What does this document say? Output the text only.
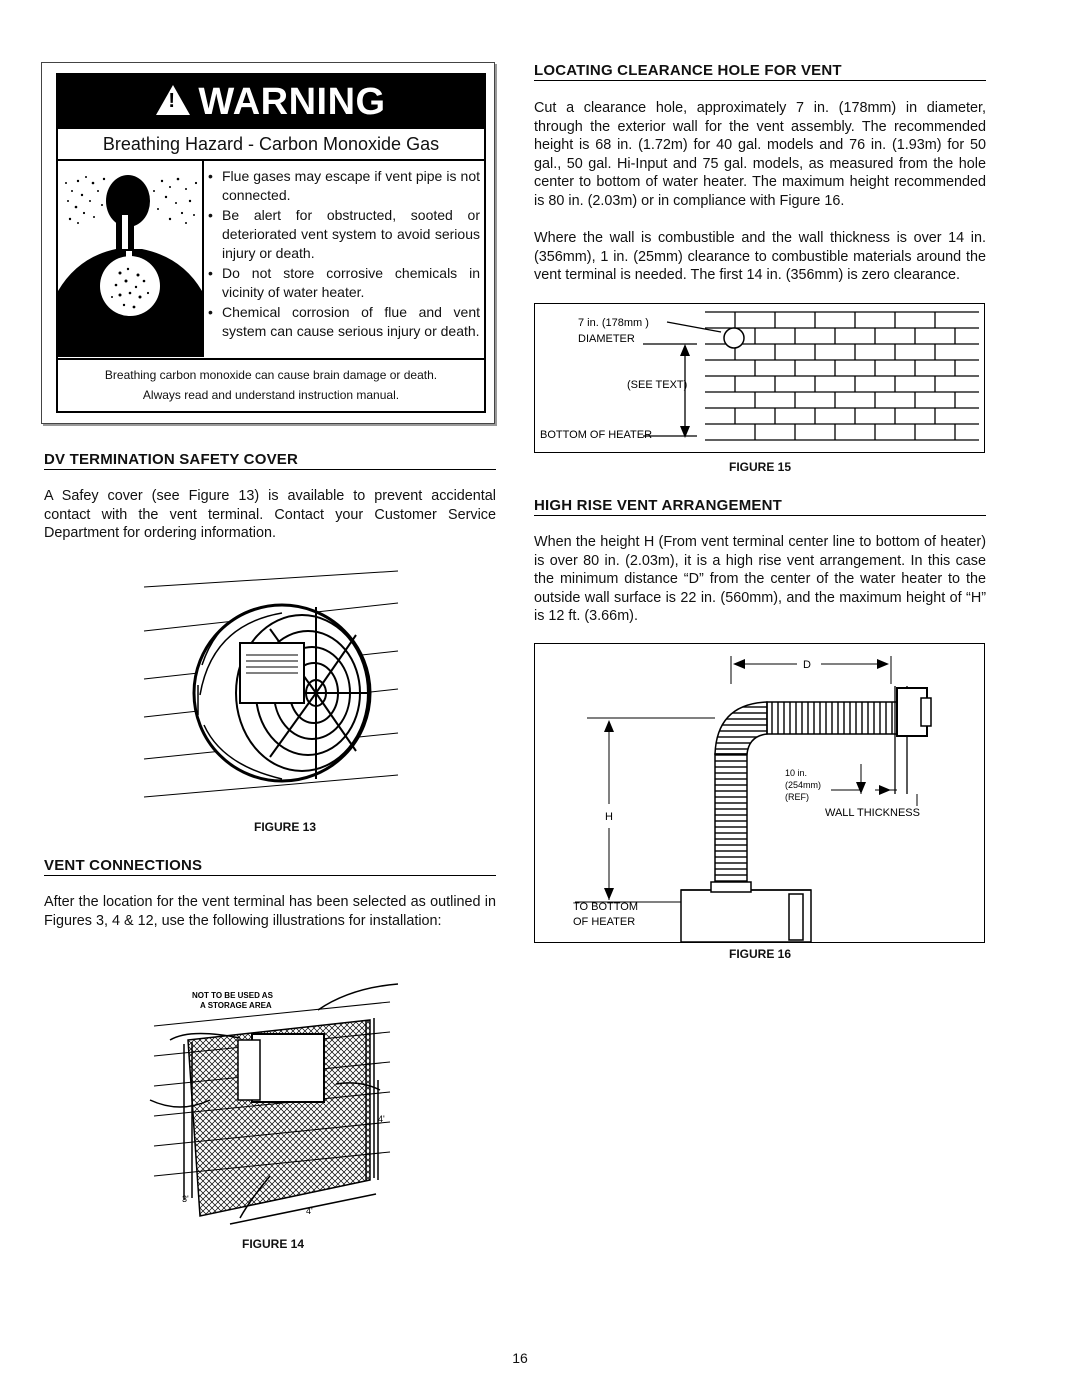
! WARNING
Breathing Hazard - Carbon Monoxide Gas
• Flue gases may escape if vent pipe is not connected.
• Be alert for obstructed, sooted or deteriorated vent system to avoid serious injury or death.
• Do not store corrosive chemicals in vicinity of water heater.
• Chemical corrosion of flue and vent system can cause serious injury or death.
Breathing carbon monoxide can cause brain damage or death.
Always read and understand instruction manual.
DV TERMINATION SAFETY COVER
A Safey cover (see Figure 13) is available to prevent accidental contact with the vent terminal. Contact your Customer Service Department for ordering information.
FIGURE 13
VENT CONNECTIONS
After the location for the vent terminal has been selected as outlined in Figures 3, 4 & 12, use the following illustrations for installation:
NOT TO BE USED AS
A STORAGE AREA
4'
3'
4'
FIGURE 14
LOCATING CLEARANCE HOLE FOR VENT
Cut a clearance hole, approximately 7 in. (178mm) in diameter, through the exterior wall for the vent assembly. The recommended height is 68 in. (1.72m) for 40 gal. models and 76 in. (1.93m) for 50 gal., 50 gal. Hi-Input and 75 gal. models, as measured from the hole center to bottom of water heater. The maximum height recommended is 80 in. (2.03m) or in compliance with Figure 16.
Where the wall is combustible and the wall thickness is over 14 in. (356mm), 1 in. (25mm) clearance to combustible materials around the vent terminal is needed. The first 14 in. (356mm) is zero clearance.
7 in. (178mm )
DIAMETER
(SEE TEXT)
BOTTOM OF HEATER
FIGURE 15
HIGH RISE VENT ARRANGEMENT
When the height H (From vent terminal center line to bottom of heater) is over 80 in. (2.03m), it is a high rise vent arrangement. In this case the minimum distance “D” from the center of the water heater to the outside wall surface is 22 in. (560mm), and the maximum height of “H” is 12 ft. (3.66m).
D
H
10 in.
(254mm)
(REF)
WALL THICKNESS
TO BOTTOM
OF HEATER
FIGURE 16
16
